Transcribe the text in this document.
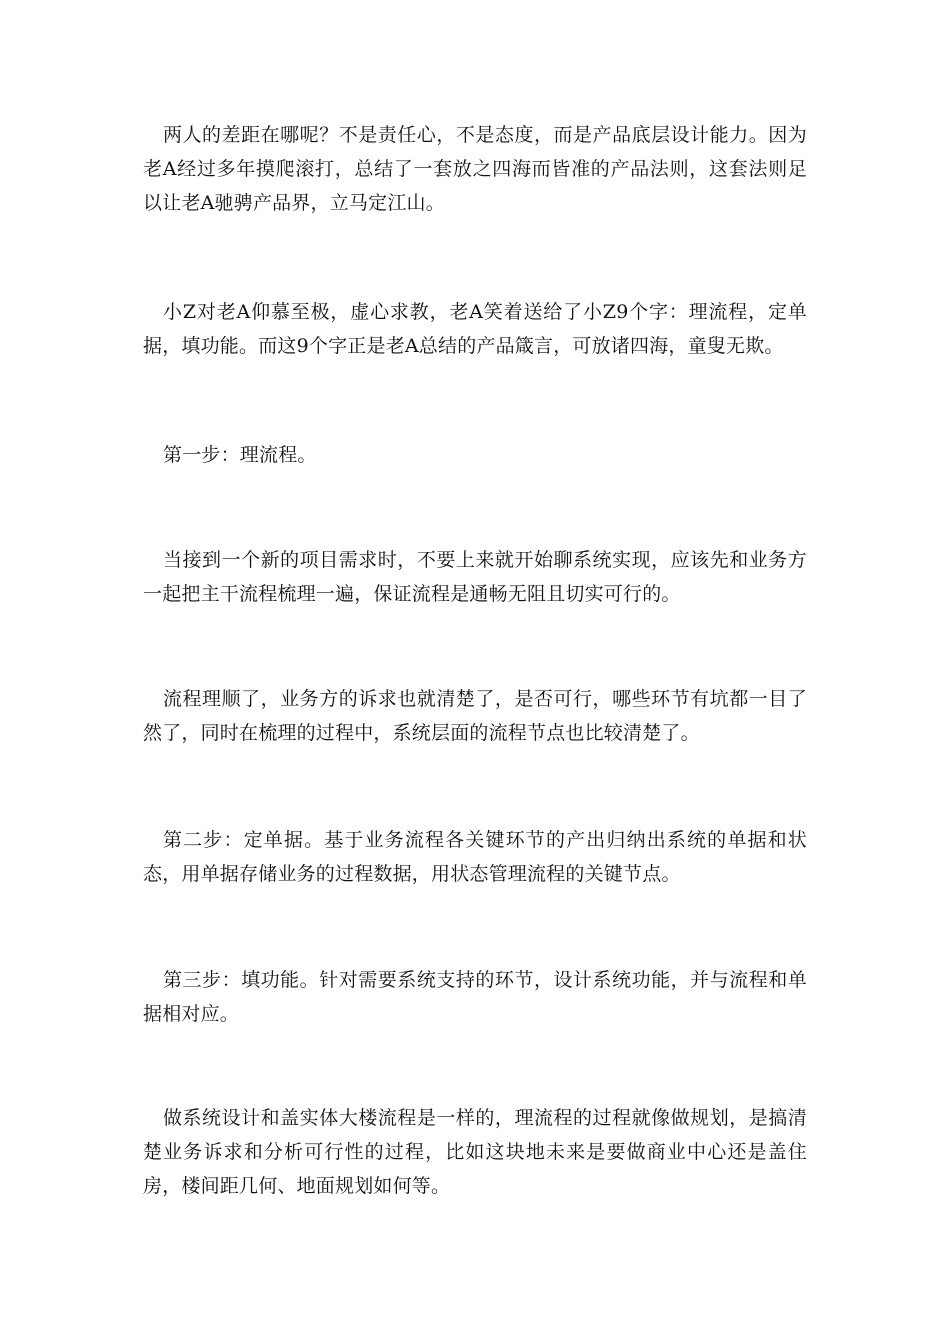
两人的差距在哪呢？不是责任心，不是态度，而是产品底层设计能力。因为老A经过多年摸爬滚打，总结了一套放之四海而皆准的产品法则，这套法则足以让老A驰骋产品界，立马定江山。

小Z对老A仰慕至极，虚心求教，老A笑着送给了小Z9个字：理流程，定单据，填功能。而这9个字正是老A总结的产品箴言，可放诸四海，童叟无欺。

第一步：理流程。

当接到一个新的项目需求时，不要上来就开始聊系统实现，应该先和业务方一起把主干流程梳理一遍，保证流程是通畅无阻且切实可行的。

流程理顺了，业务方的诉求也就清楚了，是否可行，哪些环节有坑都一目了然了，同时在梳理的过程中，系统层面的流程节点也比较清楚了。

第二步：定单据。基于业务流程各关键环节的产出归纳出系统的单据和状态，用单据存储业务的过程数据，用状态管理流程的关键节点。

第三步：填功能。针对需要系统支持的环节，设计系统功能，并与流程和单据相对应。

做系统设计和盖实体大楼流程是一样的，理流程的过程就像做规划，是搞清楚业务诉求和分析可行性的过程，比如这块地未来是要做商业中心还是盖住房，楼间距几何、地面规划如何等。
